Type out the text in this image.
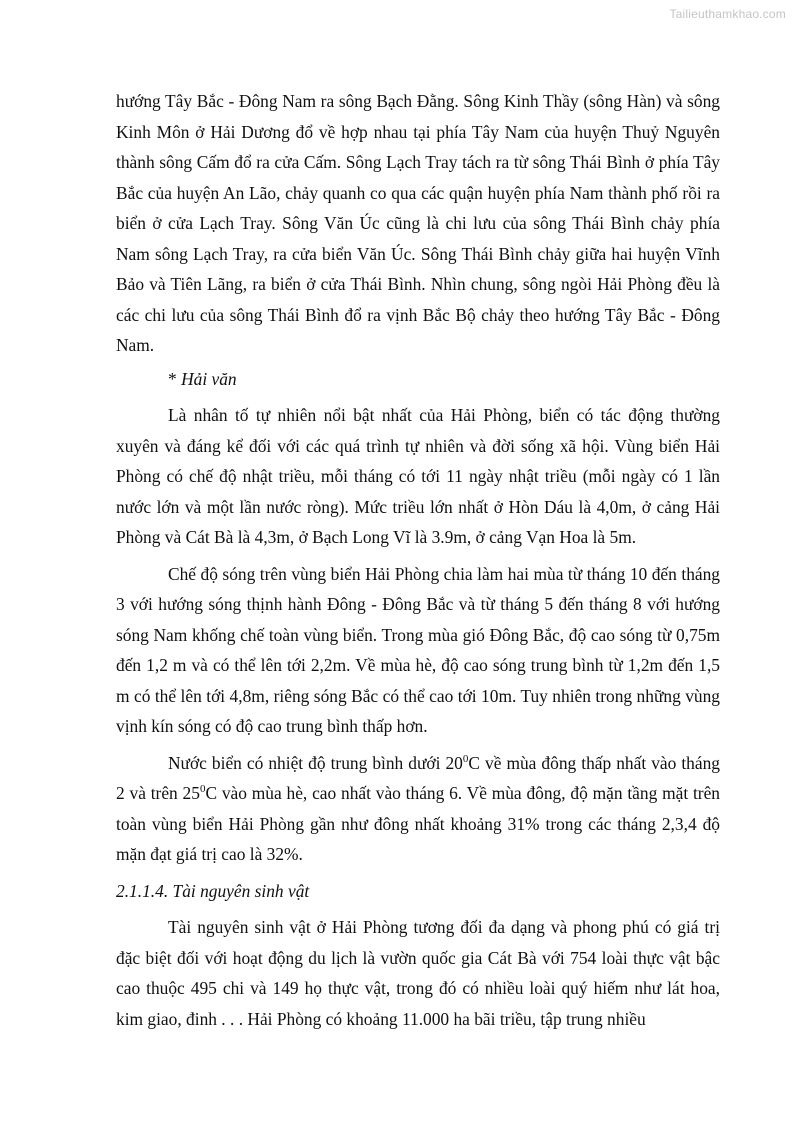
Tailieuthamkhao.com

hướng Tây Bắc - Đông Nam ra sông Bạch Đằng. Sông Kinh Thầy (sông Hàn) và sông Kinh Môn ở Hải Dương đổ về hợp nhau tại phía Tây Nam của huyện Thuỷ Nguyên thành sông Cấm đổ ra cửa Cấm. Sông Lạch Tray tách ra từ sông Thái Bình ở phía Tây Bắc của huyện An Lão, chảy quanh co qua các quận huyện phía Nam thành phố rồi ra biển ở cửa Lạch Tray. Sông Văn Úc cũng là chi lưu của sông Thái Bình chảy phía Nam sông Lạch Tray, ra cửa biển Văn Úc. Sông Thái Bình chảy giữa hai huyện Vĩnh Bảo và Tiên Lãng, ra biển ở cửa Thái Bình. Nhìn chung, sông ngòi Hải Phòng đều là các chi lưu của sông Thái Bình đổ ra vịnh Bắc Bộ chảy theo hướng Tây Bắc - Đông Nam.

* Hải văn

Là nhân tố tự nhiên nổi bật nhất của Hải Phòng, biển có tác động thường xuyên và đáng kể đối với các quá trình tự nhiên và đời sống xã hội. Vùng biển Hải Phòng có chế độ nhật triều, mỗi tháng có tới 11 ngày nhật triều (mỗi ngày có 1 lần nước lớn và một lần nước ròng). Mức triều lớn nhất ở Hòn Dáu là 4,0m, ở cảng Hải Phòng và Cát Bà là 4,3m, ở Bạch Long Vĩ là 3.9m, ở cảng Vạn Hoa là 5m.

Chế độ sóng trên vùng biển Hải Phòng chia làm hai mùa từ tháng 10 đến tháng 3 với hướng sóng thịnh hành Đông - Đông Bắc và từ tháng 5 đến tháng 8 với hướng sóng Nam khống chế toàn vùng biển. Trong mùa gió Đông Bắc, độ cao sóng từ 0,75m đến 1,2 m và có thể lên tới 2,2m. Về mùa hè, độ cao sóng trung bình từ 1,2m đến 1,5 m có thể lên tới 4,8m, riêng sóng Bắc có thể cao tới 10m. Tuy nhiên trong những vùng vịnh kín sóng có độ cao trung bình thấp hơn.

Nước biển có nhiệt độ trung bình dưới $20^0C$ về mùa đông thấp nhất vào tháng 2 và trên $25^0C$ vào mùa hè, cao nhất vào tháng 6. Về mùa đông, độ mặn tầng mặt trên toàn vùng biển Hải Phòng gần như đông nhất khoảng 31% trong các tháng 2,3,4 độ mặn đạt giá trị cao là 32%.

2.1.1.4. Tài nguyên sinh vật

Tài nguyên sinh vật ở Hải Phòng tương đối đa dạng và phong phú có giá trị đặc biệt đối với hoạt động du lịch là vườn quốc gia Cát Bà với 754 loài thực vật bậc cao thuộc 495 chi và 149 họ thực vật, trong đó có nhiều loài quý hiếm như lát hoa, kim giao, đinh . . . Hải Phòng có khoảng 11.000 ha bãi triều, tập trung nhiều
